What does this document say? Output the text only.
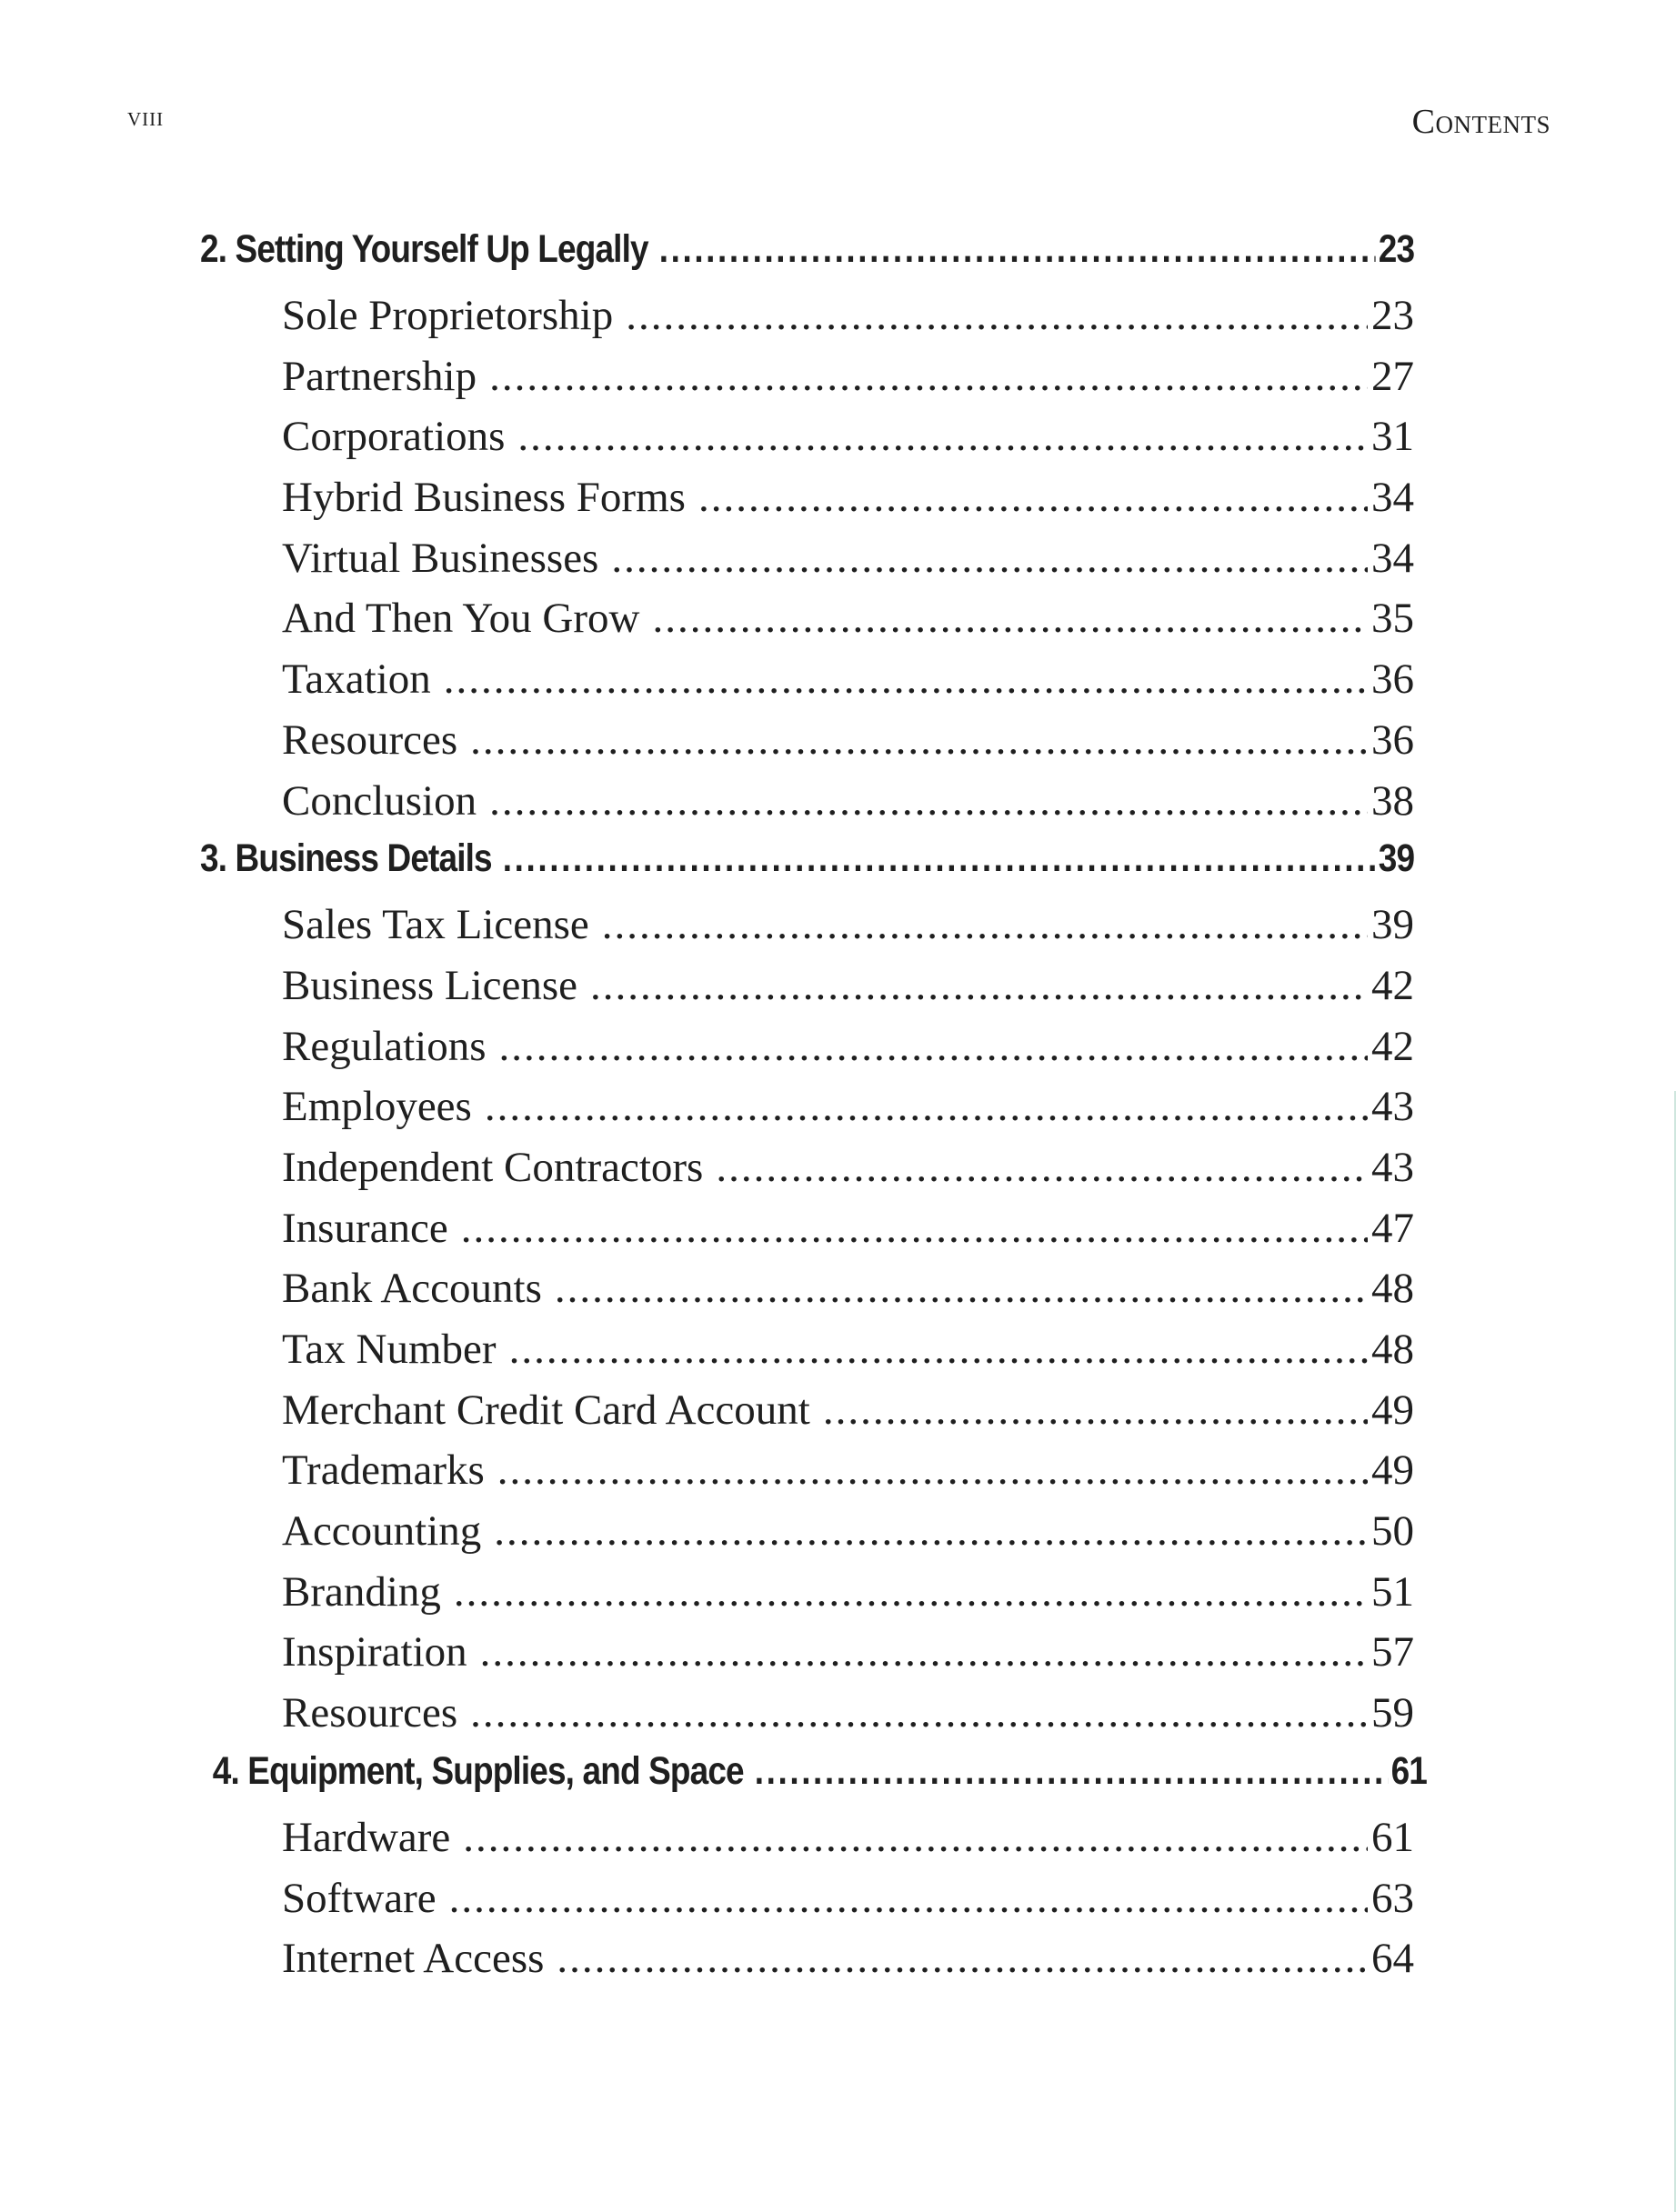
viii	Contents
2. Setting Yourself Up Legally .....	23
Sole Proprietorship .....	23
Partnership .....	27
Corporations .....	31
Hybrid Business Forms .....	34
Virtual Businesses .....	34
And Then You Grow .....	35
Taxation .....	36
Resources .....	36
Conclusion .....	38
3. Business Details .....	39
Sales Tax License .....	39
Business License .....	42
Regulations .....	42
Employees .....	43
Independent Contractors .....	43
Insurance .....	47
Bank Accounts .....	48
Tax Number .....	48
Merchant Credit Card Account .....	49
Trademarks .....	49
Accounting .....	50
Branding .....	51
Inspiration .....	57
Resources .....	59
4. Equipment, Supplies, and Space .....	61
Hardware .....	61
Software .....	63
Internet Access .....	64
